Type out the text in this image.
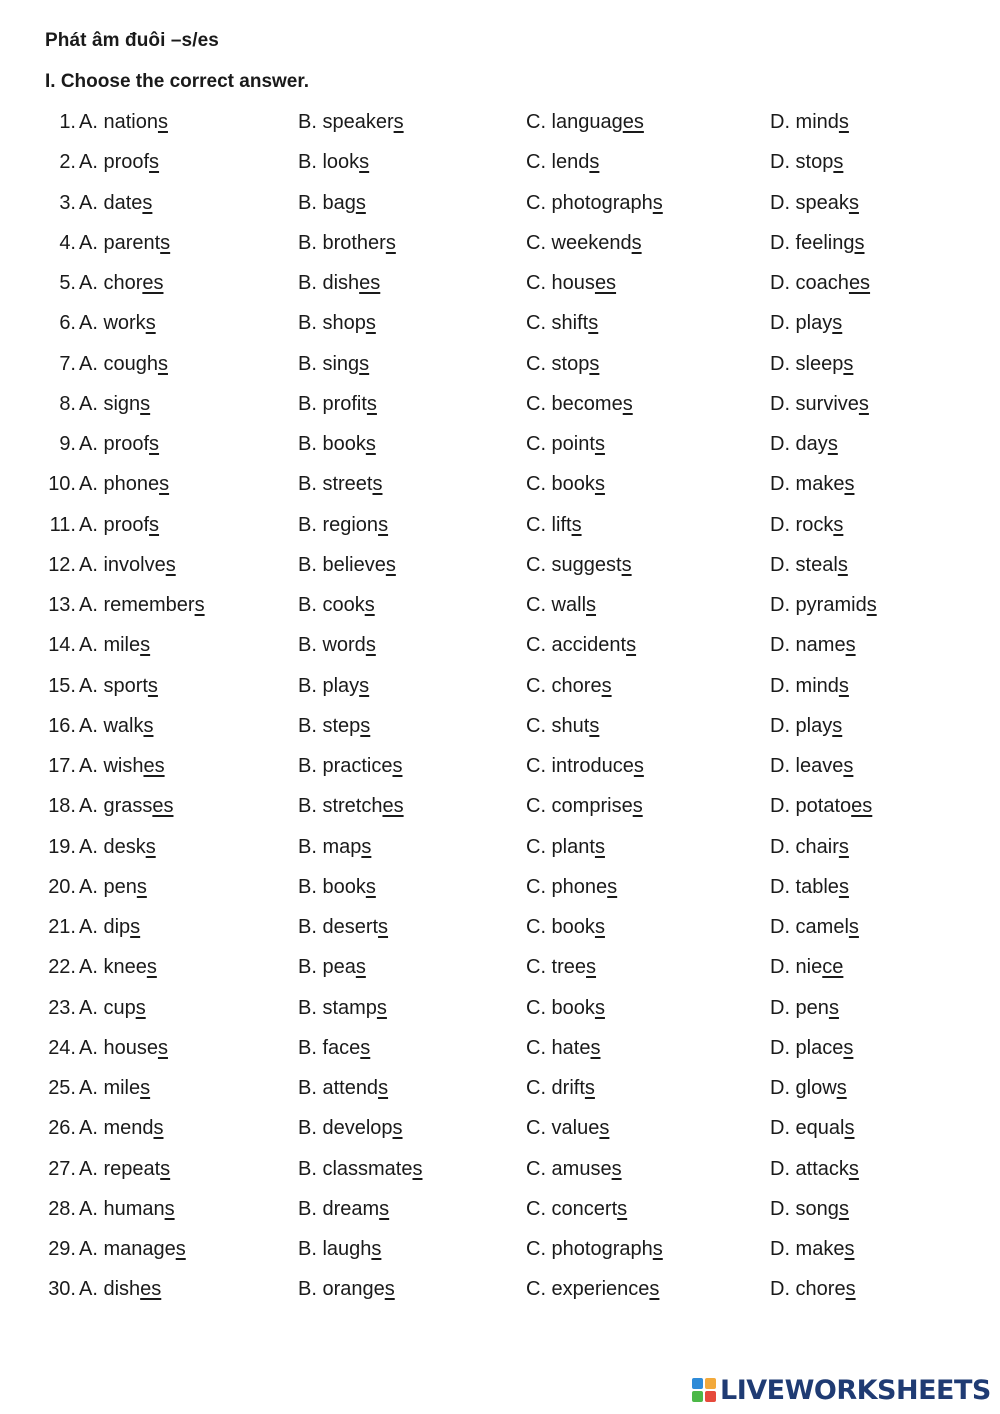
Phát âm đuôi –s/es
I. Choose the correct answer.
1. A. nations	B. speakers	C. languages	D. minds
2. A. proofs	B. looks	C. lends	D. stops
3. A. dates	B. bags	C. photographs	D. speaks
4. A. parents	B. brothers	C. weekends	D. feelings
5. A. chores	B. dishes	C. houses	D. coaches
6. A. works	B. shops	C. shifts	D. plays
7. A. coughs	B. sings	C. stops	D. sleeps
8. A. signs	B. profits	C. becomes	D. survives
9. A. proofs	B. books	C. points	D. days
10. A. phones	B. streets	C. books	D. makes
11. A. proofs	B. regions	C. lifts	D. rocks
12. A. involves	B. believes	C. suggests	D. steals
13. A. remembers	B. cooks	C. walls	D. pyramids
14. A. miles	B. words	C. accidents	D. names
15. A. sports	B. plays	C. chores	D. minds
16. A. walks	B. steps	C. shuts	D. plays
17. A. wishes	B. practices	C. introduces	D. leaves
18. A. grasses	B. stretches	C. comprises	D. potatoes
19. A. desks	B. maps	C. plants	D. chairs
20. A. pens	B. books	C. phones	D. tables
21. A. dips	B. deserts	C. books	D. camels
22. A. knees	B. peas	C. trees	D. niece
23. A. cups	B. stamps	C. books	D. pens
24. A. houses	B. faces	C. hates	D. places
25. A. miles	B. attends	C. drifts	D. glows
26. A. mends	B. develops	C. values	D. equals
27. A. repeats	B. classmates	C. amuses	D. attacks
28. A. humans	B. dreams	C. concerts	D. songs
29. A. manages	B. laughs	C. photographs	D. makes
30. A. dishes	B. oranges	C. experiences	D. chores
LIVEWORKSHEETS
